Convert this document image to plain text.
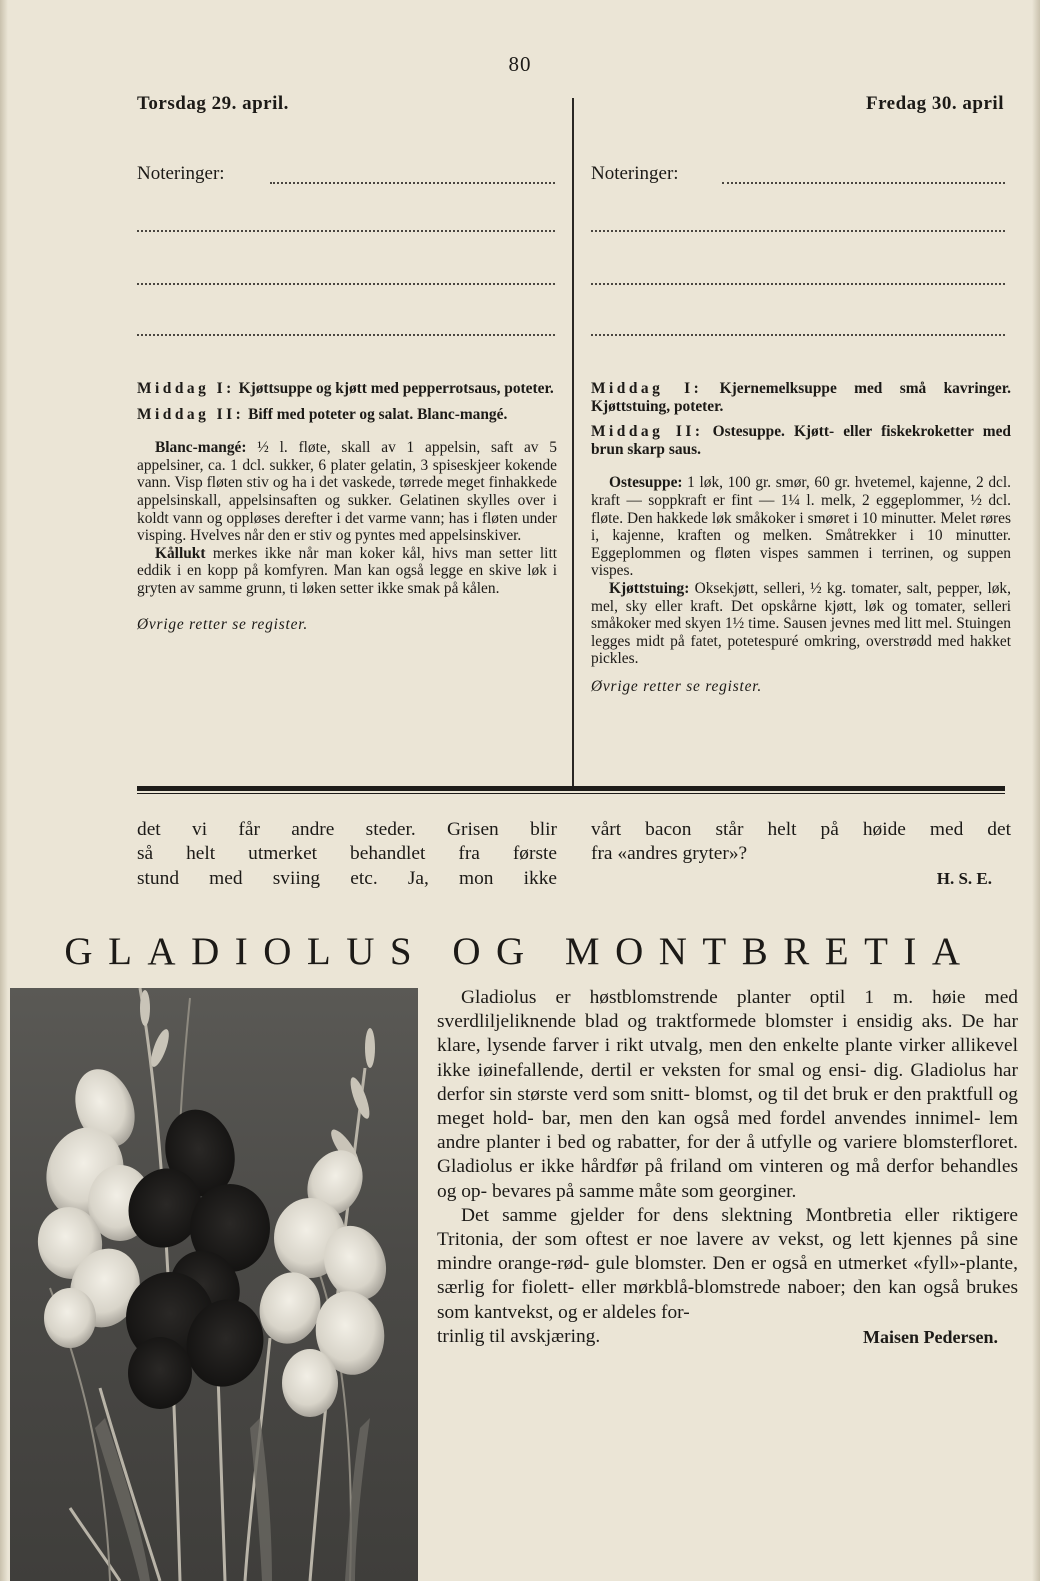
80
Torsdag 29. april.	Fredag 30. april
Noteringer:	Noteringer:

Middag I: Kjøttsuppe og kjøtt med pepperrotsaus, poteter.

Middag II: Biff med poteter og salat. Blanc-mangé.

Blanc-mangé: ½ l. fløte, skall av 1 appelsin, saft av 5 appelsiner, ca. 1 dcl. sukker, 6 plater gelatin, 3 spiseskjeer kokende vann. Visp fløten stiv og ha i det vaskede, tørrede meget finhakkede appelsinskall, appelsinsaften og sukker. Gelatinen skylles over i koldt vann og oppløses derefter i det varme vann; has i fløten under visping. Hvelves når den er stiv og pyntes med appelsinskiver.

Kållukt merkes ikke når man koker kål, hivs man setter litt eddik i en kopp på komfyren. Man kan også legge en skive løk i gryten av samme grunn, ti løken setter ikke smak på kålen.

Øvrige retter se register.

Middag I: Kjernemelksuppe med små kavringer. Kjøttstuing, poteter.

Middag II: Ostesuppe. Kjøtt- eller fiskekroketter med brun skarp saus.

Ostesuppe: 1 løk, 100 gr. smør, 60 gr. hvetemel, kajenne, 2 dcl. kraft — soppkraft er fint — 1¼ l. melk, 2 eggeplommer, ½ dcl. fløte. Den hakkede løk småkoker i smøret i 10 minutter. Melet røres i, kajenne, kraften og melken. Småtrekker i 10 minutter. Eggeplommen og fløten vispes sammen i terrinen, og suppen vispes.

Kjøttstuing: Oksekjøtt, selleri, ½ kg. tomater, salt, pepper, løk, mel, sky eller kraft. Det opskårne kjøtt, løk og tomater, selleri småkoker med skyen 1½ time. Sausen jevnes med litt mel. Stuingen legges midt på fatet, potetespuré omkring, overstrødd med hakket pickles.

Øvrige retter se register.

det vi får andre steder. Grisen blir
så helt utmerket behandlet fra første
stund med sviing etc. Ja, mon ikke
vårt bacon står helt på høide med det
fra «andres gryter»?
H. S. E.
GLADIOLUS OG MONTBRETIA

Gladiolus er høstblomstrende planter optil 1 m. høie med sverdliljeliknende blad og traktformede blomster i ensidig aks. De har klare, lysende farver i rikt utvalg, men den enkelte plante virker allikevel ikke iøinefallende, dertil er veksten for smal og ensi- dig. Gladiolus har derfor sin største verd som snitt- blomst, og til det bruk er den praktfull og meget hold- bar, men den kan også med fordel anvendes innimel- lem andre planter i bed og rabatter, for der å utfylle og variere blomsterfloret. Gladiolus er ikke hårdfør på friland om vinteren og må derfor behandles og op- bevares på samme måte som georginer.

Det samme gjelder for dens slektning Montbretia eller riktigere Tritonia, der som oftest er noe lavere av vekst, og lett kjennes på sine mindre orange-rød- gule blomster. Den er også en utmerket «fyll»-plante, særlig for fiolett- eller mørkblå-blomstrede naboer; den kan også brukes som kantvekst, og er aldeles for-

trinlig til avskjæring.	Maisen Pedersen.
